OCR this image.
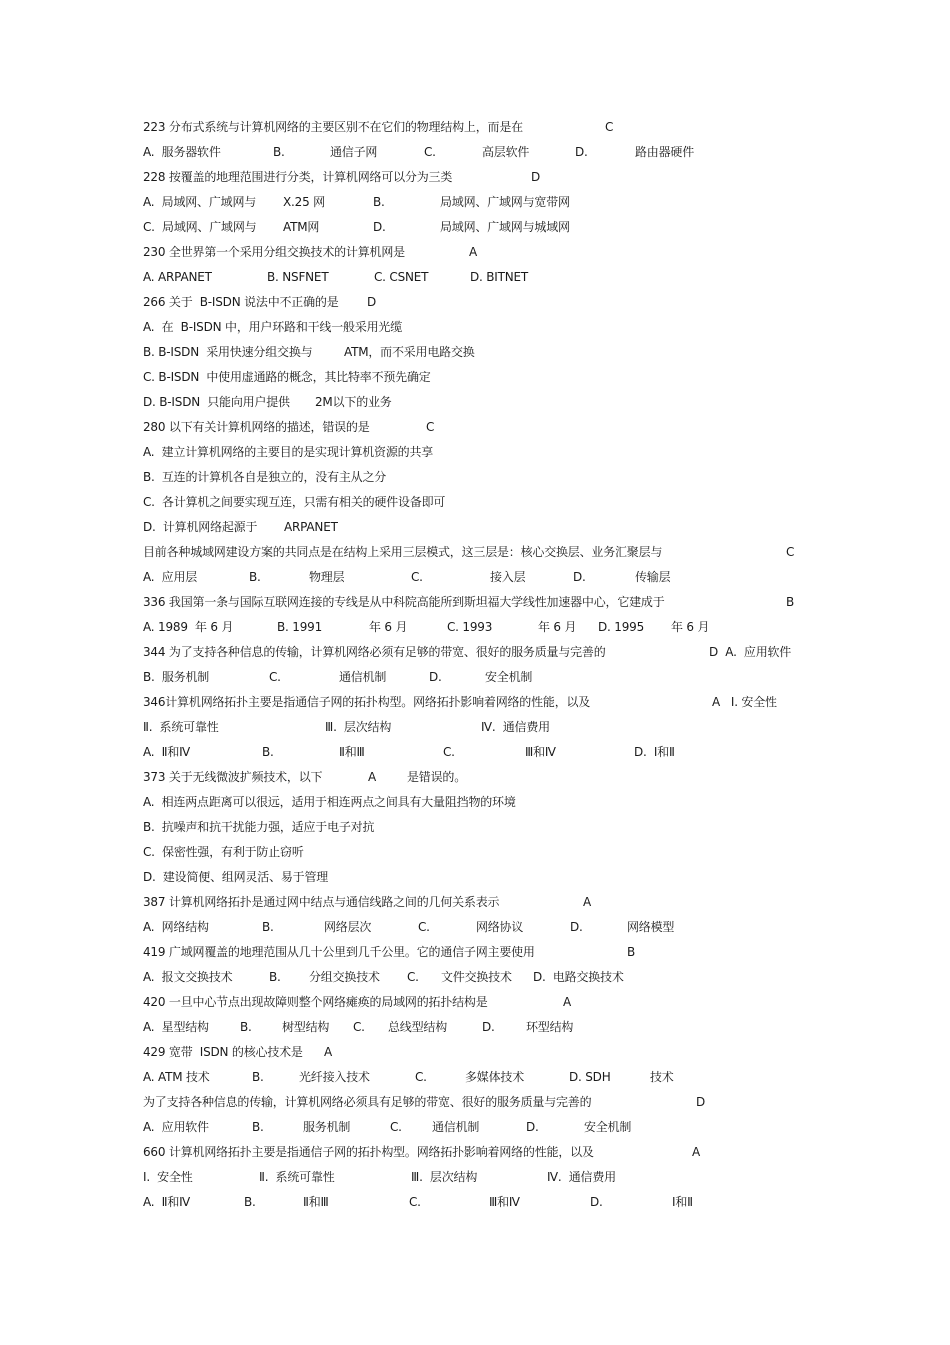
223 分布式系统与计算机网络的主要区别不在它们的物理结构上，而是在	C
A.  服务器软件	B.	通信子网	C.	高层软件	D.	路由器硬件
228 按覆盖的地理范围进行分类，计算机网络可以分为三类	D
A.  局域网、广域网与 X.25 网	B.	局域网、广域网与宽带网
C.  局域网、广域网与 ATM网	D.	局域网、广域网与城域网
230 全世界第一个采用分组交换技术的计算机网是	A
A. ARPANET	B. NSFNET	C. CSNET	D. BITNET
266 关于  B-ISDN 说法中不正确的是 D
A.  在  B-ISDN 中，用户环路和干线一般采用光缆
B. B-ISDN  采用快速分组交换与	ATM，而不采用电路交换
C. B-ISDN  中使用虚通路的概念，其比特率不预先确定
D. B-ISDN  只能向用户提供 2M以下的业务
280 以下有关计算机网络的描述，错误的是	C
A.  建立计算机网络的主要目的是实现计算机资源的共享
B.  互连的计算机各自是独立的，没有主从之分
C.  各计算机之间要实现互连，只需有相关的硬件设备即可
D.  计算机网络起源于 ARPANET
目前各种城域网建设方案的共同点是在结构上采用三层模式，这三层是：核心交换层、业务汇聚层与	C
A.  应用层	B.	物理层	C.	接入层	D.	传输层
336 我国第一条与国际互联网连接的专线是从中科院高能所到斯坦福大学线性加速器中心，它建成于	B
A. 1989  年 6 月	B. 1991	年 6 月	C. 1993	年 6 月 D. 1995 年 6 月
344 为了支持各种信息的传输，计算机网络必须有足够的带宽、很好的服务质量与完善的	D  A.  应用软件
B.  服务机制	C.	通信机制	D.	安全机制
346计算机网络拓扑主要是指通信子网的拓扑构型。网络拓扑影响着网络的性能，以及	A   Ⅰ. 安全性
Ⅱ.  系统可靠性	Ⅲ.  层次结构	Ⅳ.  通信费用
A.  Ⅱ和Ⅳ	B.	Ⅱ和Ⅲ	C.	Ⅲ和Ⅳ	D.  Ⅰ和Ⅱ
373 关于无线微波扩频技术，以下	A	是错误的。
A.  相连两点距离可以很远，适用于相连两点之间具有大量阻挡物的环境
B.  抗噪声和抗干扰能力强，适应于电子对抗
C.  保密性强，有利于防止窃听
D.  建设简便、组网灵活、易于管理
387 计算机网络拓扑是通过网中结点与通信线路之间的几何关系表示	A
A.  网络结构	B.	网络层次	C.	网络协议	D.	网络模型
419 广域网覆盖的地理范围从几十公里到几千公里。它的通信子网主要使用	B
A.  报文交换技术	B. 分组交换技术 C. 文件交换技术 D.  电路交换技术
420 一旦中心节点出现故障则整个网络瘫痪的局域网的拓扑结构是	A
A.  星型结构	B.	树型结构 C. 总线型结构	D.	环型结构
429 宽带  ISDN 的核心技术是 A
A. ATM 技术	B.	光纤接入技术	C.	多媒体技术	D. SDH	技术
为了支持各种信息的传输，计算机网络必须具有足够的带宽、很好的服务质量与完善的	D
A.  应用软件	B.	服务机制	C.	通信机制	D.	安全机制
660 计算机网络拓扑主要是指通信子网的拓扑构型。网络拓扑影响着网络的性能，以及	A
Ⅰ.  安全性	Ⅱ.  系统可靠性	Ⅲ.  层次结构	Ⅳ.  通信费用
A.  Ⅱ和Ⅳ	B.	Ⅱ和Ⅲ	C.	Ⅲ和Ⅳ	D.	Ⅰ和Ⅱ
